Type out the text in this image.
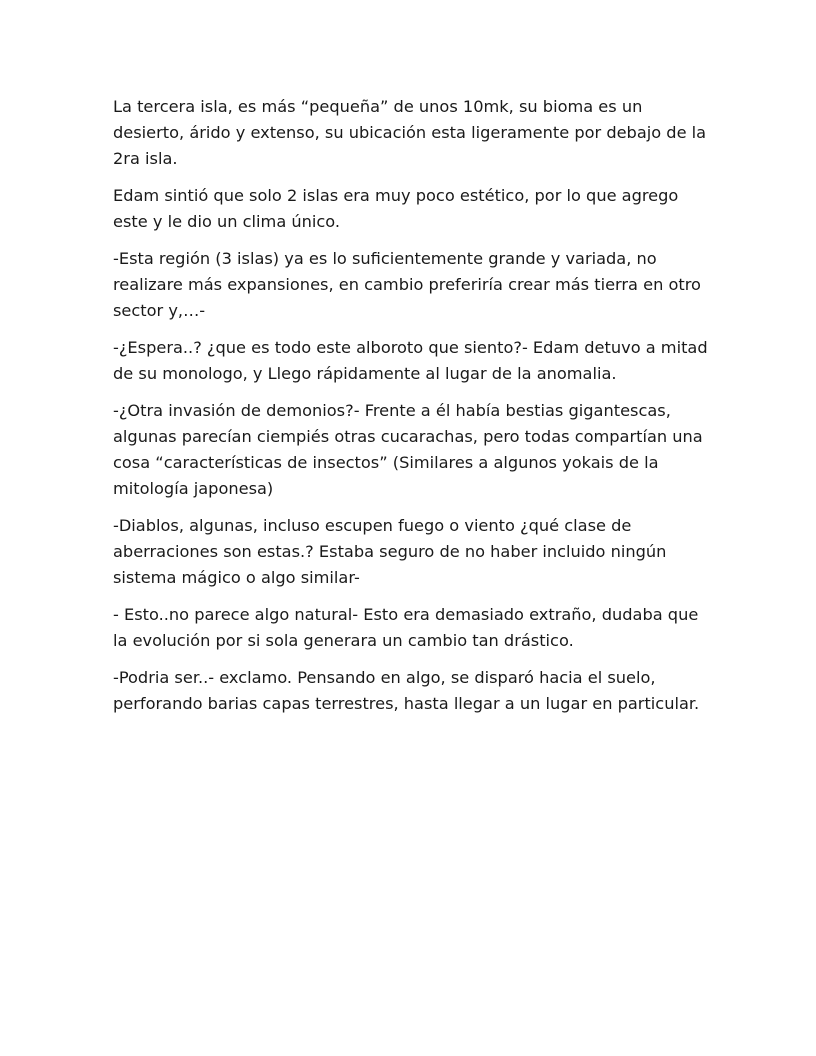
La tercera isla, es más “pequeña” de unos 10mk, su bioma es un desierto, árido y extenso, su ubicación esta ligeramente por debajo de la 2ra isla.

Edam sintió que solo 2 islas era muy poco estético, por lo que agrego este y le dio un clima único.

-Esta región (3 islas) ya es lo suficientemente grande y variada, no realizare más expansiones, en cambio preferiría crear más tierra en otro sector y,…-

-¿Espera..? ¿que es todo este alboroto que siento?- Edam detuvo a mitad de su monologo, y Llego rápidamente al lugar de la anomalia.

-¿Otra invasión de demonios?- Frente a él había bestias gigantescas, algunas parecían ciempiés otras cucarachas, pero todas compartían una cosa “características de insectos” (Similares a algunos yokais de la mitología japonesa)

-Diablos, algunas, incluso escupen fuego o viento ¿qué clase de aberraciones son estas.? Estaba seguro de no haber incluido ningún sistema mágico o algo similar-

- Esto..no parece algo natural- Esto era demasiado extraño, dudaba que la evolución por si sola generara un cambio tan drástico.

-Podria ser..- exclamo. Pensando en algo, se disparó hacia el suelo, perforando barias capas terrestres, hasta llegar a un lugar en particular.
